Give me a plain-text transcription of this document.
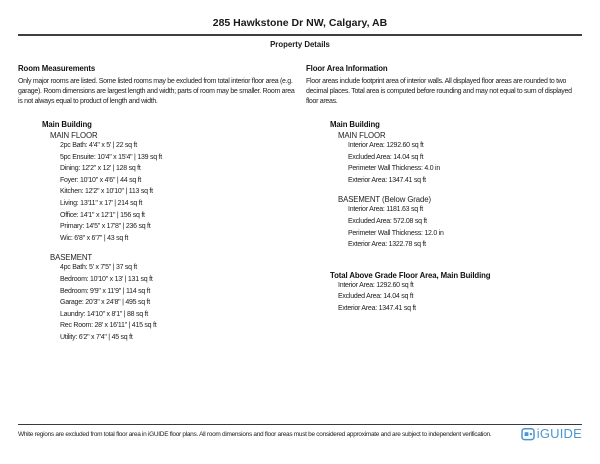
285 Hawkstone Dr NW, Calgary, AB
Property Details
Room Measurements
Only major rooms are listed. Some listed rooms may be excluded from total interior floor area (e.g. garage). Room dimensions are largest length and width; parts of room may be smaller. Room area is not always equal to product of length and width.
Main Building
MAIN FLOOR
2pc Bath: 4'4" x 5' | 22 sq ft
5pc Ensuite: 10'4" x 15'4" | 139 sq ft
Dining: 12'2" x 12' | 128 sq ft
Foyer: 10'10" x 4'6" | 44 sq ft
Kitchen: 12'2" x 10'10" | 113 sq ft
Living: 13'11" x 17' | 214 sq ft
Office: 14'1" x 12'1" | 156 sq ft
Primary: 14'5" x 17'8" | 236 sq ft
Wic: 6'8" x 6'7" | 43 sq ft
BASEMENT
4pc Bath: 5' x 7'5" | 37 sq ft
Bedroom: 10'10" x 13' | 131 sq ft
Bedroom: 9'9" x 11'9" | 114 sq ft
Garage: 20'3" x 24'8" | 495 sq ft
Laundry: 14'10" x 8'1" | 88 sq ft
Rec Room: 28' x 16'11" | 415 sq ft
Utility: 6'2" x 7'4" | 45 sq ft
Floor Area Information
Floor areas include footprint area of interior walls. All displayed floor areas are rounded to two decimal places. Total area is computed before rounding and may not equal to sum of displayed floor areas.
Main Building
MAIN FLOOR
Interior Area: 1292.60 sq ft
Excluded Area: 14.04 sq ft
Perimeter Wall Thickness: 4.0 in
Exterior Area: 1347.41 sq ft
BASEMENT (Below Grade)
Interior Area: 1181.63 sq ft
Excluded Area: 572.08 sq ft
Perimeter Wall Thickness: 12.0 in
Exterior Area: 1322.78 sq ft
Total Above Grade Floor Area, Main Building
Interior Area: 1292.60 sq ft
Excluded Area: 14.04 sq ft
Exterior Area: 1347.41 sq ft
White regions are excluded from total floor area in iGUIDE floor plans. All room dimensions and floor areas must be considered approximate and are subject to independent verification.	iGUIDE
